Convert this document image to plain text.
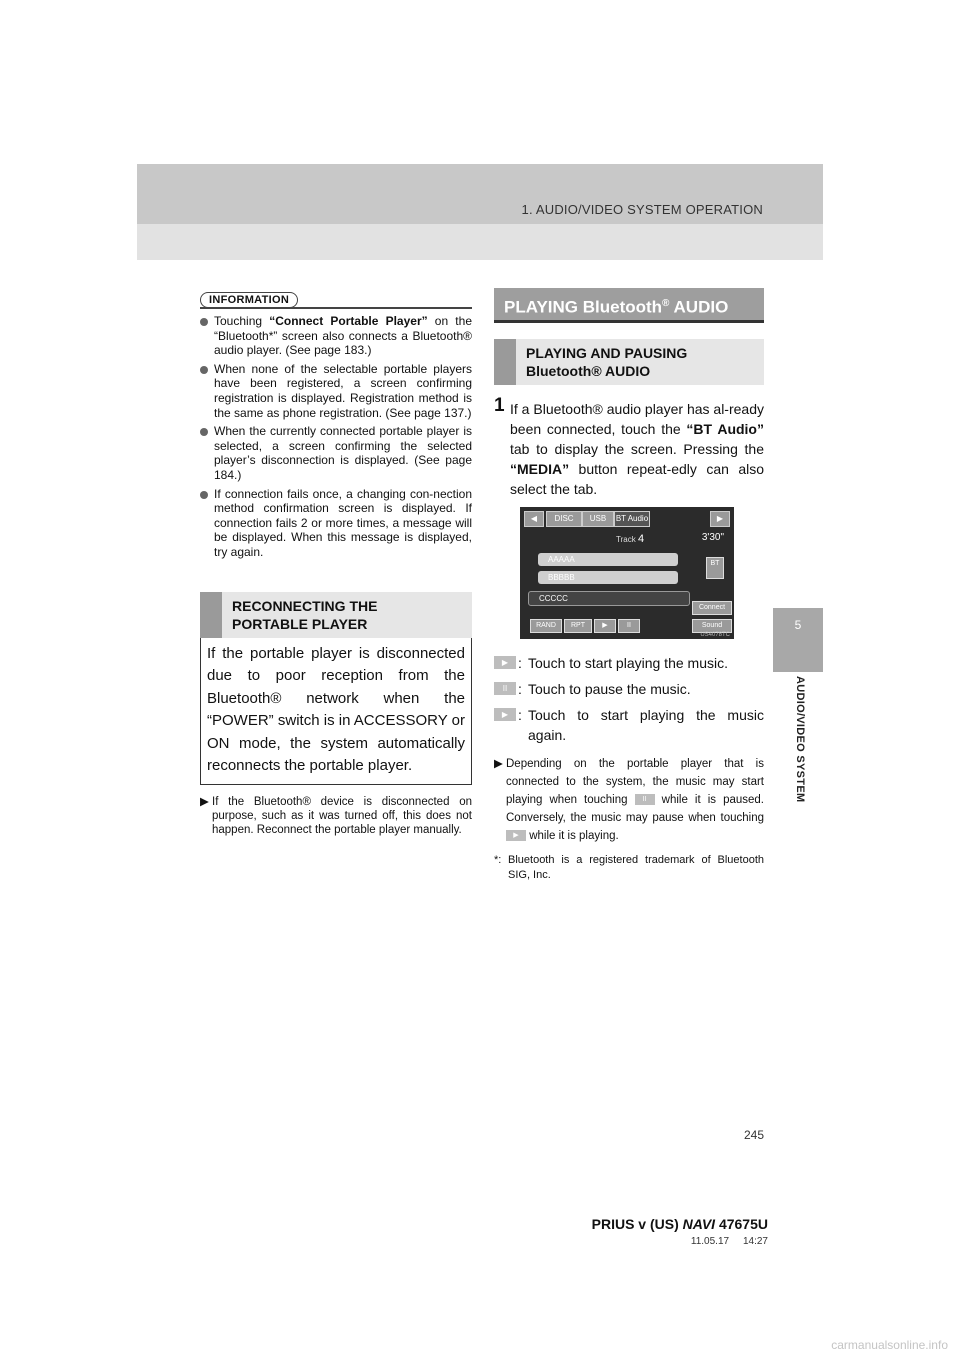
1. AUDIO/VIDEO SYSTEM OPERATION
5
AUDIO/VIDEO SYSTEM
INFORMATION
Touching “Connect Portable Player” on the “Bluetooth*” screen also connects a Bluetooth® audio player. (See page 183.)
When none of the selectable portable players have been registered, a screen confirming registration is displayed. Registration method is the same as phone registration. (See page 137.)
When the currently connected portable player is selected, a screen confirming the selected player’s disconnection is displayed. (See page 184.)
If connection fails once, a changing con-nection method confirmation screen is displayed. If connection fails 2 or more times, a message will be displayed. When this message is displayed, try again.
RECONNECTING THE
PORTABLE PLAYER
If the portable player is disconnected due to poor reception from the Bluetooth® network when the “POWER” switch is in ACCESSORY or ON mode, the system automatically reconnects the portable player.
▶ If the Bluetooth® device is disconnected on purpose, such as it was turned off, this does not happen. Reconnect the portable player manually.
PLAYING Bluetooth® AUDIO
PLAYING AND PAUSING
Bluetooth® AUDIO
1 If a Bluetooth® audio player has al-ready been connected, touch the “BT Audio” tab to display the screen. Pressing the “MEDIA” button repeat-edly can also select the tab.
◀	DISC	USB	BT Audio	▶
Track 4	3'30"
AAAAA
BBBBB
CCCCC
BT
RAND	RPT	▶	II
Connect
Sound
US4078TC
▶ : Touch to start playing the music.
II : Touch to pause the music.
▶ : Touch to start playing the music again.
▶ Depending on the portable player that is connected to the system, the music may start playing when touching II while it is paused. Conversely, the music may pause when touching ▶ while it is playing.
*: Bluetooth is a registered trademark of Bluetooth SIG, Inc.
245
PRIUS v (US) NAVI 47675U
11.05.17     14:27
carmanualsonline.info
